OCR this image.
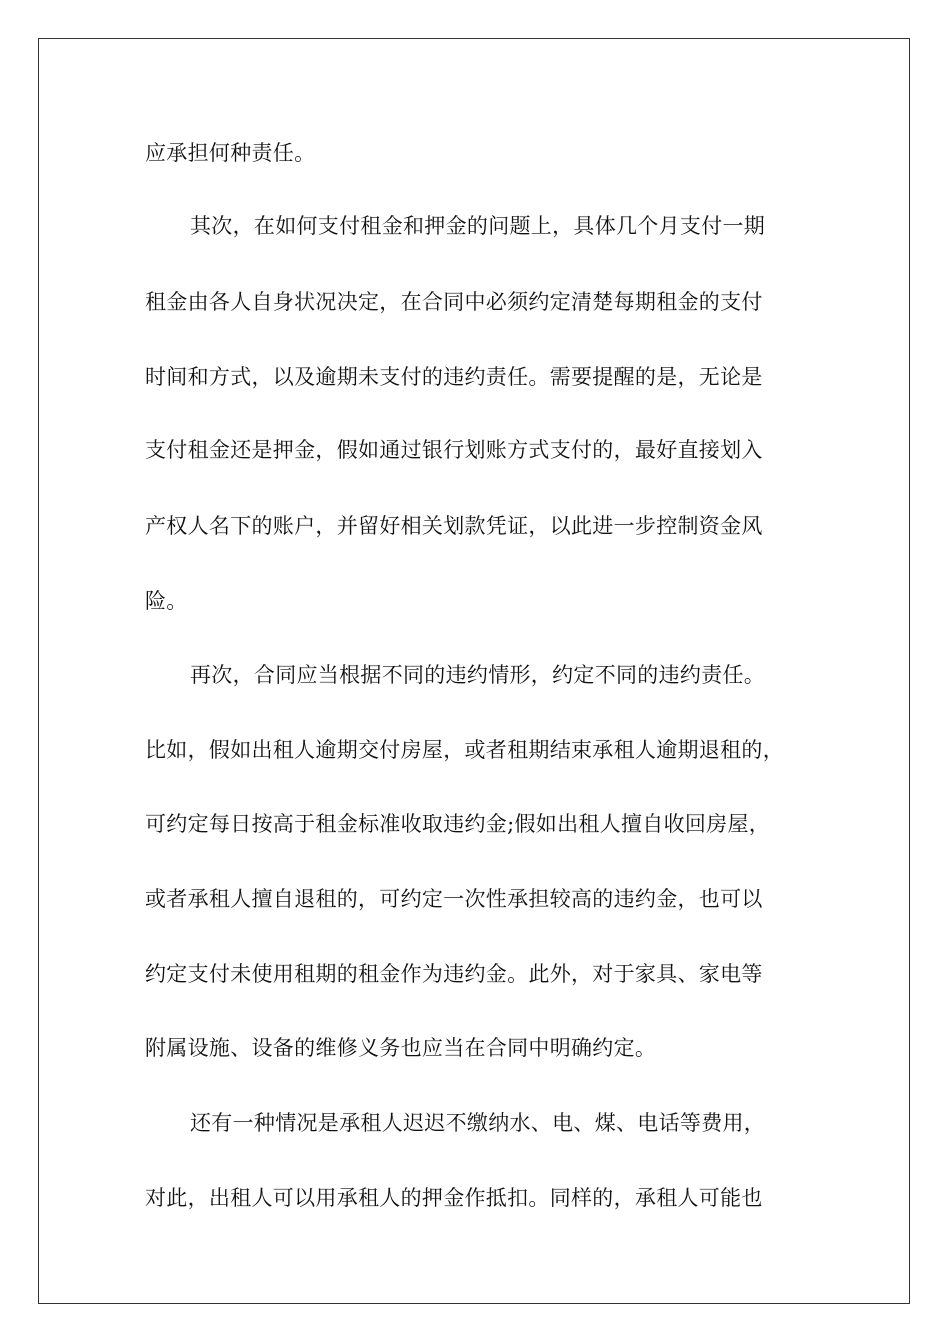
应承担何种责任。
其次，在如何支付租金和押金的问题上，具体几个月支付一期
租金由各人自身状况决定，在合同中必须约定清楚每期租金的支付
时间和方式，以及逾期未支付的违约责任。需要提醒的是，无论是
支付租金还是押金，假如通过银行划账方式支付的，最好直接划入
产权人名下的账户，并留好相关划款凭证，以此进一步控制资金风
险。
再次，合同应当根据不同的违约情形，约定不同的违约责任。
比如，假如出租人逾期交付房屋，或者租期结束承租人逾期退租的，
可约定每日按高于租金标准收取违约金;假如出租人擅自收回房屋，
或者承租人擅自退租的，可约定一次性承担较高的违约金，也可以
约定支付未使用租期的租金作为违约金。此外，对于家具、家电等
附属设施、设备的维修义务也应当在合同中明确约定。
还有一种情况是承租人迟迟不缴纳水、电、煤、电话等费用，
对此，出租人可以用承租人的押金作抵扣。同样的，承租人可能也
